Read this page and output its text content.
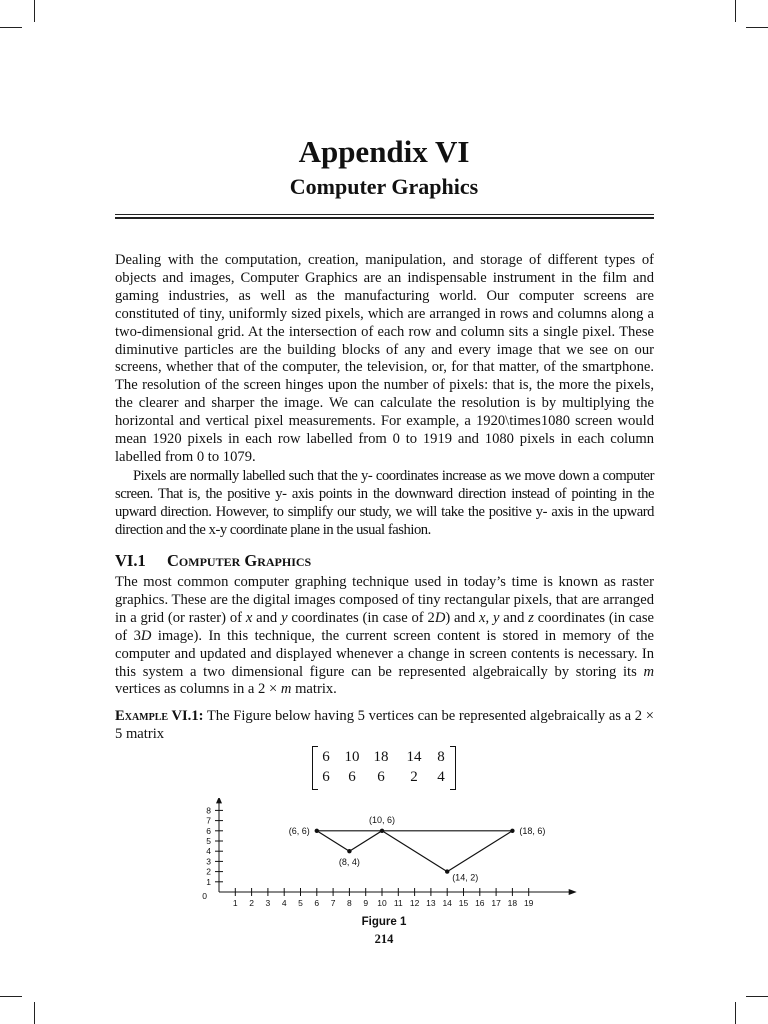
Appendix VI
Computer Graphics

Dealing with the computation, creation, manipulation, and storage of different types of objects and images, Computer Graphics are an indispensable instrument in the film and gaming industries, as well as the manufacturing world. Our computer screens are constituted of tiny, uniformly sized pixels, which are arranged in rows and columns along a two-dimensional grid. At the intersection of each row and column sits a single pixel. These diminutive particles are the building blocks of any and every image that we see on our screens, whether that of the computer, the television, or, for that matter, of the smartphone. The resolution of the screen hinges upon the number of pixels: that is, the more the pixels, the clearer and sharper the image. We can calculate the resolution is by multiplying the horizontal and vertical pixel measurements. For example, a 1920\times1080 screen would mean 1920 pixels in each row labelled from 0 to 1919 and 1080 pixels in each column labelled from 0 to 1079.

Pixels are normally labelled such that the y- coordinates increase as we move down a computer screen. That is, the positive y- axis points in the downward direction instead of pointing in the upward direction. However, to simplify our study, we will take the positive y- axis in the upward direction and the x-y coordinate plane in the usual fashion.

VI.1 Computer Graphics

The most common computer graphing technique used in today’s time is known as raster graphics. These are the digital images composed of tiny rectangular pixels, that are arranged in a grid (or raster) of x and y coordinates (in case of 2D) and x, y and z coordinates (in case of 3D image). In this technique, the current screen content is stored in memory of the computer and updated and displayed whenever a change in screen contents is necessary. In this system a two dimensional figure can be represented algebraically by storing its m vertices as columns in a 2 × m matrix.

Example VI.1: The Figure below having 5 vertices can be represented algebraically as a 2 × 5 matrix

6 10 18	14	8
6	6	6	2	4
1 2 3 4 5 6 7 8 9 10 11 12 13 14 15 16 17 18 19
1
2
3
4
5
6
7
8
0
(6, 6)
(10, 6)
(18, 6)
(8, 4)
(14, 2)
Figure 1
214
